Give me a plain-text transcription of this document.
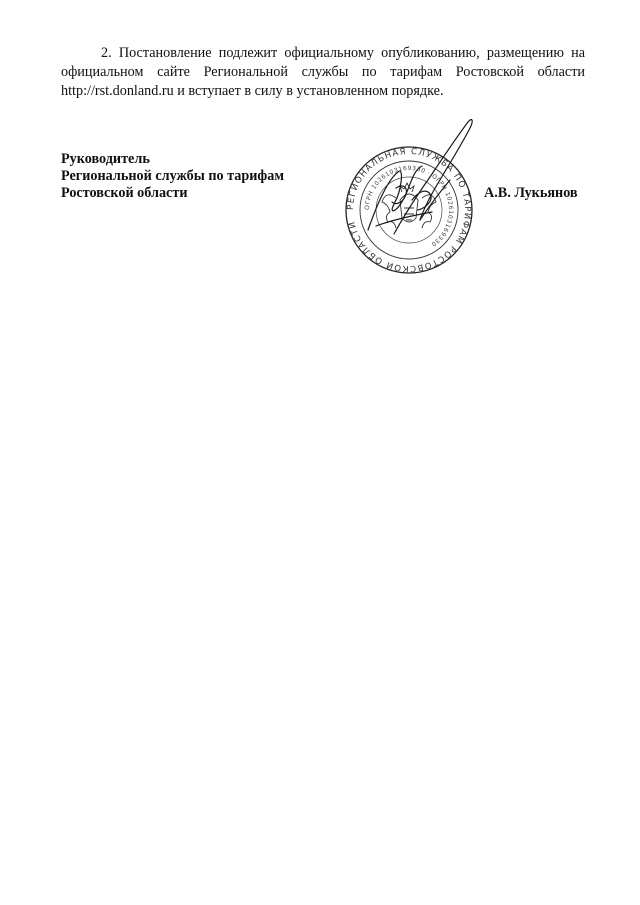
2. Постановление подлежит официальному опубликованию, размещению на официальном сайте Региональной службы по тарифам Ростовской области http://rst.donland.ru и вступает в силу в установленном порядке.

Руководитель
Региональной службы по тарифам
Ростовской области
РЕГИОНАЛЬНАЯ СЛУЖБА ПО ТАРИФАМ РОСТОВСКОЙ ОБЛАСТИ
ОГРН 1026103169330 · ОГРН 1026103169330
А.В. Лукьянов
